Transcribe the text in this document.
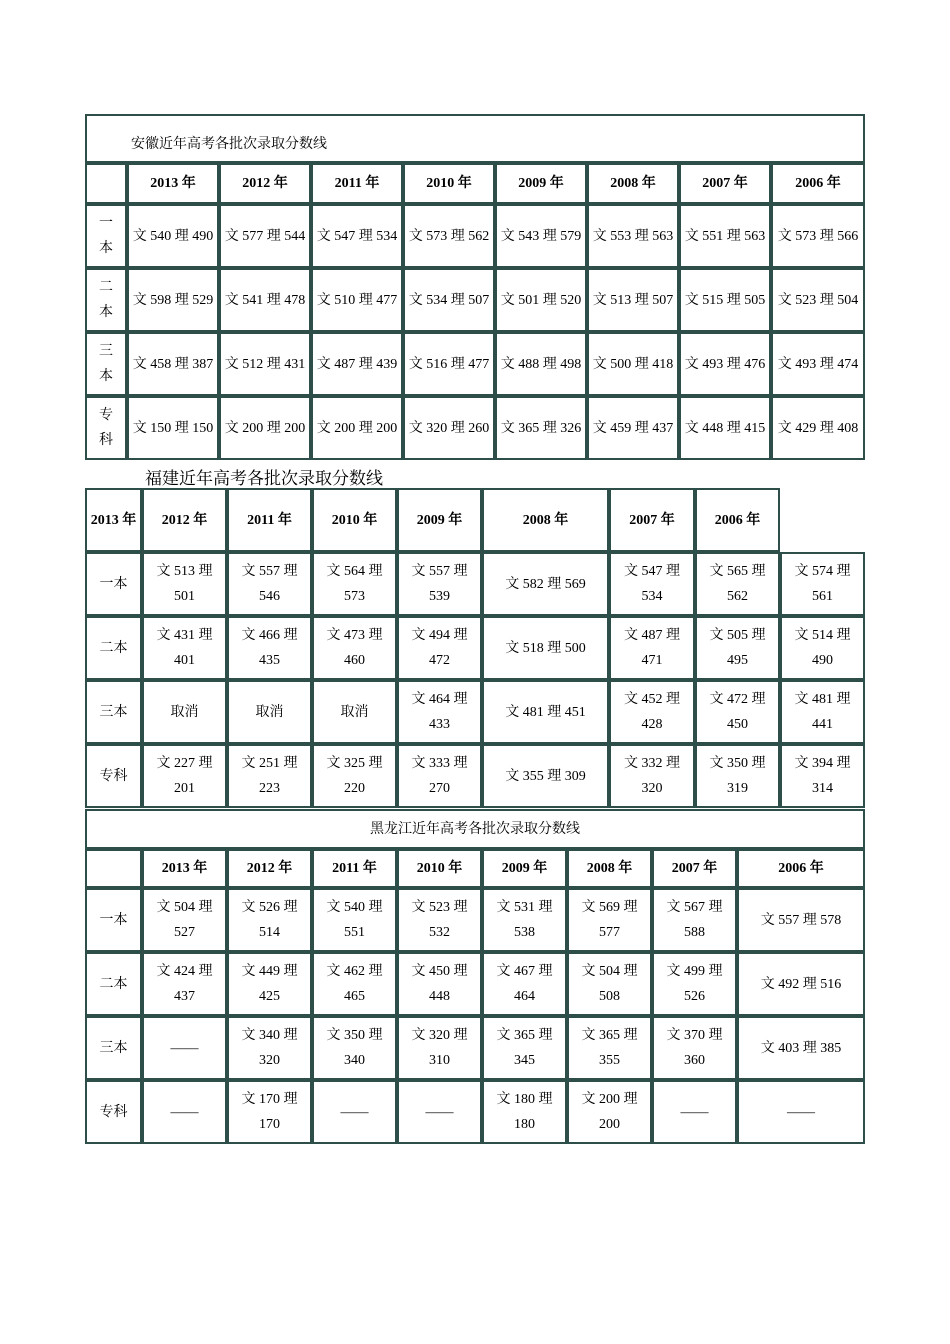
安徽近年高考各批次录取分数线								
	2013 年	2012 年	2011 年	2010 年	2009 年	2008 年	2007 年	2006 年
一本	文 540 理 490	文 577 理 544	文 547 理 534	文 573 理 562	文 543 理 579	文 553 理 563	文 551 理 563	文 573 理 566
二本	文 598 理 529	文 541 理 478	文 510 理 477	文 534 理 507	文 501 理 520	文 513 理 507	文 515 理 505	文 523 理 504
三本	文 458 理 387	文 512 理 431	文 487 理 439	文 516 理 477	文 488 理 498	文 500 理 418	文 493 理 476	文 493 理 474
专科	文 150 理 150	文 200 理 200	文 200 理 200	文 320 理 260	文 365 理 326	文 459 理 437	文 448 理 415	文 429 理 408
福建近年高考各批次录取分数线
2013 年	2012 年	2011 年	2010 年	2009 年	2008 年	2007 年	2006 年	
一本	文 513 理 501	文 557 理 546	文 564 理 573	文 557 理 539	文 582 理 569	文 547 理 534	文 565 理 562	文 574 理 561
二本	文 431 理 401	文 466 理 435	文 473 理 460	文 494 理 472	文 518 理 500	文 487 理 471	文 505 理 495	文 514 理 490
三本	取消	取消	取消	文 464 理 433	文 481 理 451	文 452 理 428	文 472 理 450	文 481 理 441
专科	文 227 理 201	文 251 理 223	文 325 理 220	文 333 理 270	文 355 理 309	文 332 理 320	文 350 理 319	文 394 理 314
黑龙江近年高考各批次录取分数线								
	2013 年	2012 年	2011 年	2010 年	2009 年	2008 年	2007 年	2006 年
一本	文 504 理 527	文 526 理 514	文 540 理 551	文 523 理 532	文 531 理 538	文 569 理 577	文 567 理 588	文 557 理 578
二本	文 424 理 437	文 449 理 425	文 462 理 465	文 450 理 448	文 467 理 464	文 504 理 508	文 499 理 526	文 492 理 516
三本	——	文 340 理 320	文 350 理 340	文 320 理 310	文 365 理 345	文 365 理 355	文 370 理 360	文 403 理 385
专科	——	文 170 理 170	——	——	文 180 理 180	文 200 理 200	——	——
